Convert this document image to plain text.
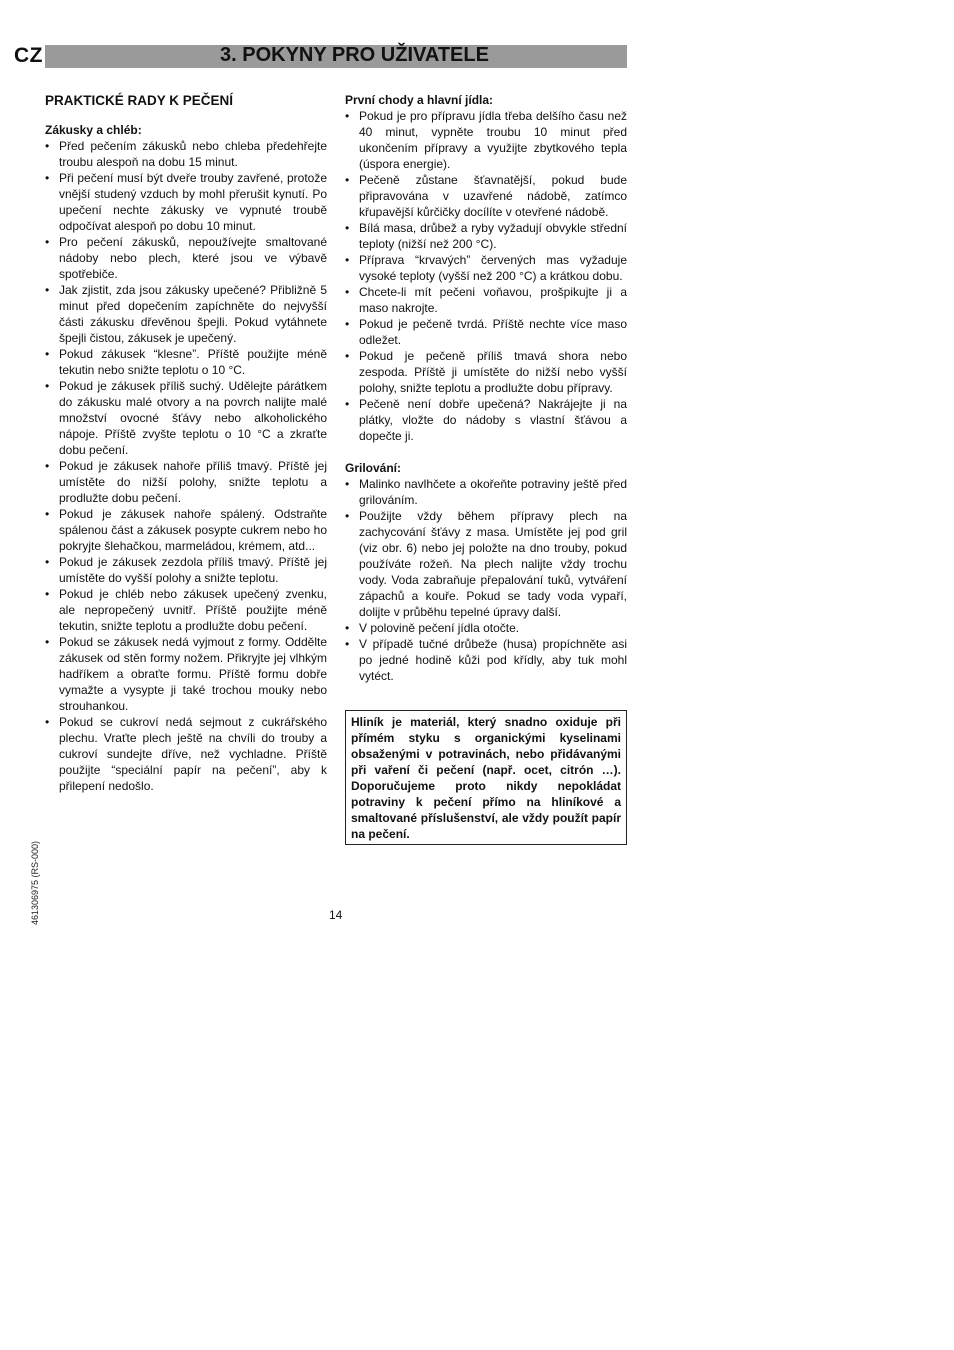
CZ	3. POKYNY PRO UŽIVATELE
PRAKTICKÉ RADY K PEČENÍ
Zákusky a chléb:
• Před pečením zákusků nebo chleba předehřejte troubu alespoň na dobu 15 minut.
• Při pečení musí být dveře trouby zavřené, protože vnější studený vzduch by mohl přerušit kynutí. Po upečení nechte zákusky ve vypnuté troubě odpočívat alespoň po dobu 10 minut.
• Pro pečení zákusků, nepoužívejte smaltované nádoby nebo plech, které jsou ve výbavě spotřebiče.
• Jak zjistit, zda jsou zákusky upečené? Přibližně 5 minut před dopečením zapíchněte do nejvyšší části zákusku dřevěnou špejli. Pokud vytáhnete špejli čistou, zákusek je upečený.
• Pokud zákusek “klesne”. Příště použijte méně tekutin nebo snižte teplotu o 10 °C.
• Pokud je zákusek příliš suchý. Udělejte párátkem do zákusku malé otvory a na povrch nalijte malé množství ovocné šťávy nebo alkoholického nápoje. Příště zvyšte teplotu o 10 °C a zkraťte dobu pečení.
• Pokud je zákusek nahoře příliš tmavý. Příště jej umístěte do nižší polohy, snižte teplotu a prodlužte dobu pečení.
• Pokud je zákusek nahoře spálený. Odstraňte spálenou část a zákusek posypte cukrem nebo ho pokryjte šlehačkou, marmeládou, krémem, atd...
• Pokud je zákusek zezdola příliš tmavý. Příště jej umístěte do vyšší polohy a snižte teplotu.
• Pokud je chléb nebo zákusek upečený zvenku, ale nepropečený uvnitř. Příště použijte méně tekutin, snižte teplotu a prodlužte dobu pečení.
• Pokud se zákusek nedá vyjmout z formy. Oddělte zákusek od stěn formy nožem. Přikryjte jej vlhkým hadříkem a obraťte formu. Příště formu dobře vymažte a vysypte ji také trochou mouky nebo strouhankou.
• Pokud se cukroví nedá sejmout z cukrářského plechu. Vraťte plech ještě na chvíli do trouby a cukroví sundejte dříve, než vychladne. Příště použijte “speciální papír na pečení”, aby k přilepení nedošlo.
První chody a hlavní jídla:
• Pokud je pro přípravu jídla třeba delšího času než 40 minut, vypněte troubu 10 minut před ukončením přípravy a využijte zbytkového tepla (úspora energie).
• Pečeně zůstane šťavnatější, pokud bude připravována v uzavřené nádobě, zatímco křupavější kůrčičky docílíte v otevřené nádobě.
• Bílá masa, drůbež a ryby vyžadují obvykle střední teploty (nižší než 200 °C).
• Příprava “krvavých” červených mas vyžaduje vysoké teploty (vyšší než 200 °C) a krátkou dobu.
• Chcete-li mít pečeni voňavou, prošpikujte ji a maso nakrojte.
• Pokud je pečeně tvrdá. Příště nechte více maso odležet.
• Pokud je pečeně příliš tmavá shora nebo zespoda. Příště ji umístěte do nižší nebo vyšší polohy, snižte teplotu a prodlužte dobu přípravy.
• Pečeně není dobře upečená? Nakrájejte ji na plátky, vložte do nádoby s vlastní šťávou a dopečte ji.
Grilování:
• Malinko navlhčete a okořeňte potraviny ještě před grilováním.
• Použijte vždy během přípravy plech na zachycování šťávy z masa. Umístěte jej pod gril (viz obr. 6) nebo jej položte na dno trouby, pokud používáte rožeň. Na plech nalijte vždy trochu vody. Voda zabraňuje přepalování tuků, vytváření zápachů a kouře. Pokud se tady voda vypaří, dolijte v průběhu tepelné úpravy další.
• V polovině pečení jídla otočte.
• V případě tučné drůbeže (husa) propíchněte asi po jedné hodině kůži pod křídly, aby tuk mohl vytéct.
Hliník je materiál, který snadno oxiduje při přímém styku s organickými kyselinami obsaženými v potravinách, nebo přidávanými při vaření či pečení (např. ocet, citrón …). Doporučujeme proto nikdy nepokládat potraviny k pečení přímo na hliníkové a smaltované příslušenství, ale vždy použít papír na pečení.
461306975 (RS-000)	14
